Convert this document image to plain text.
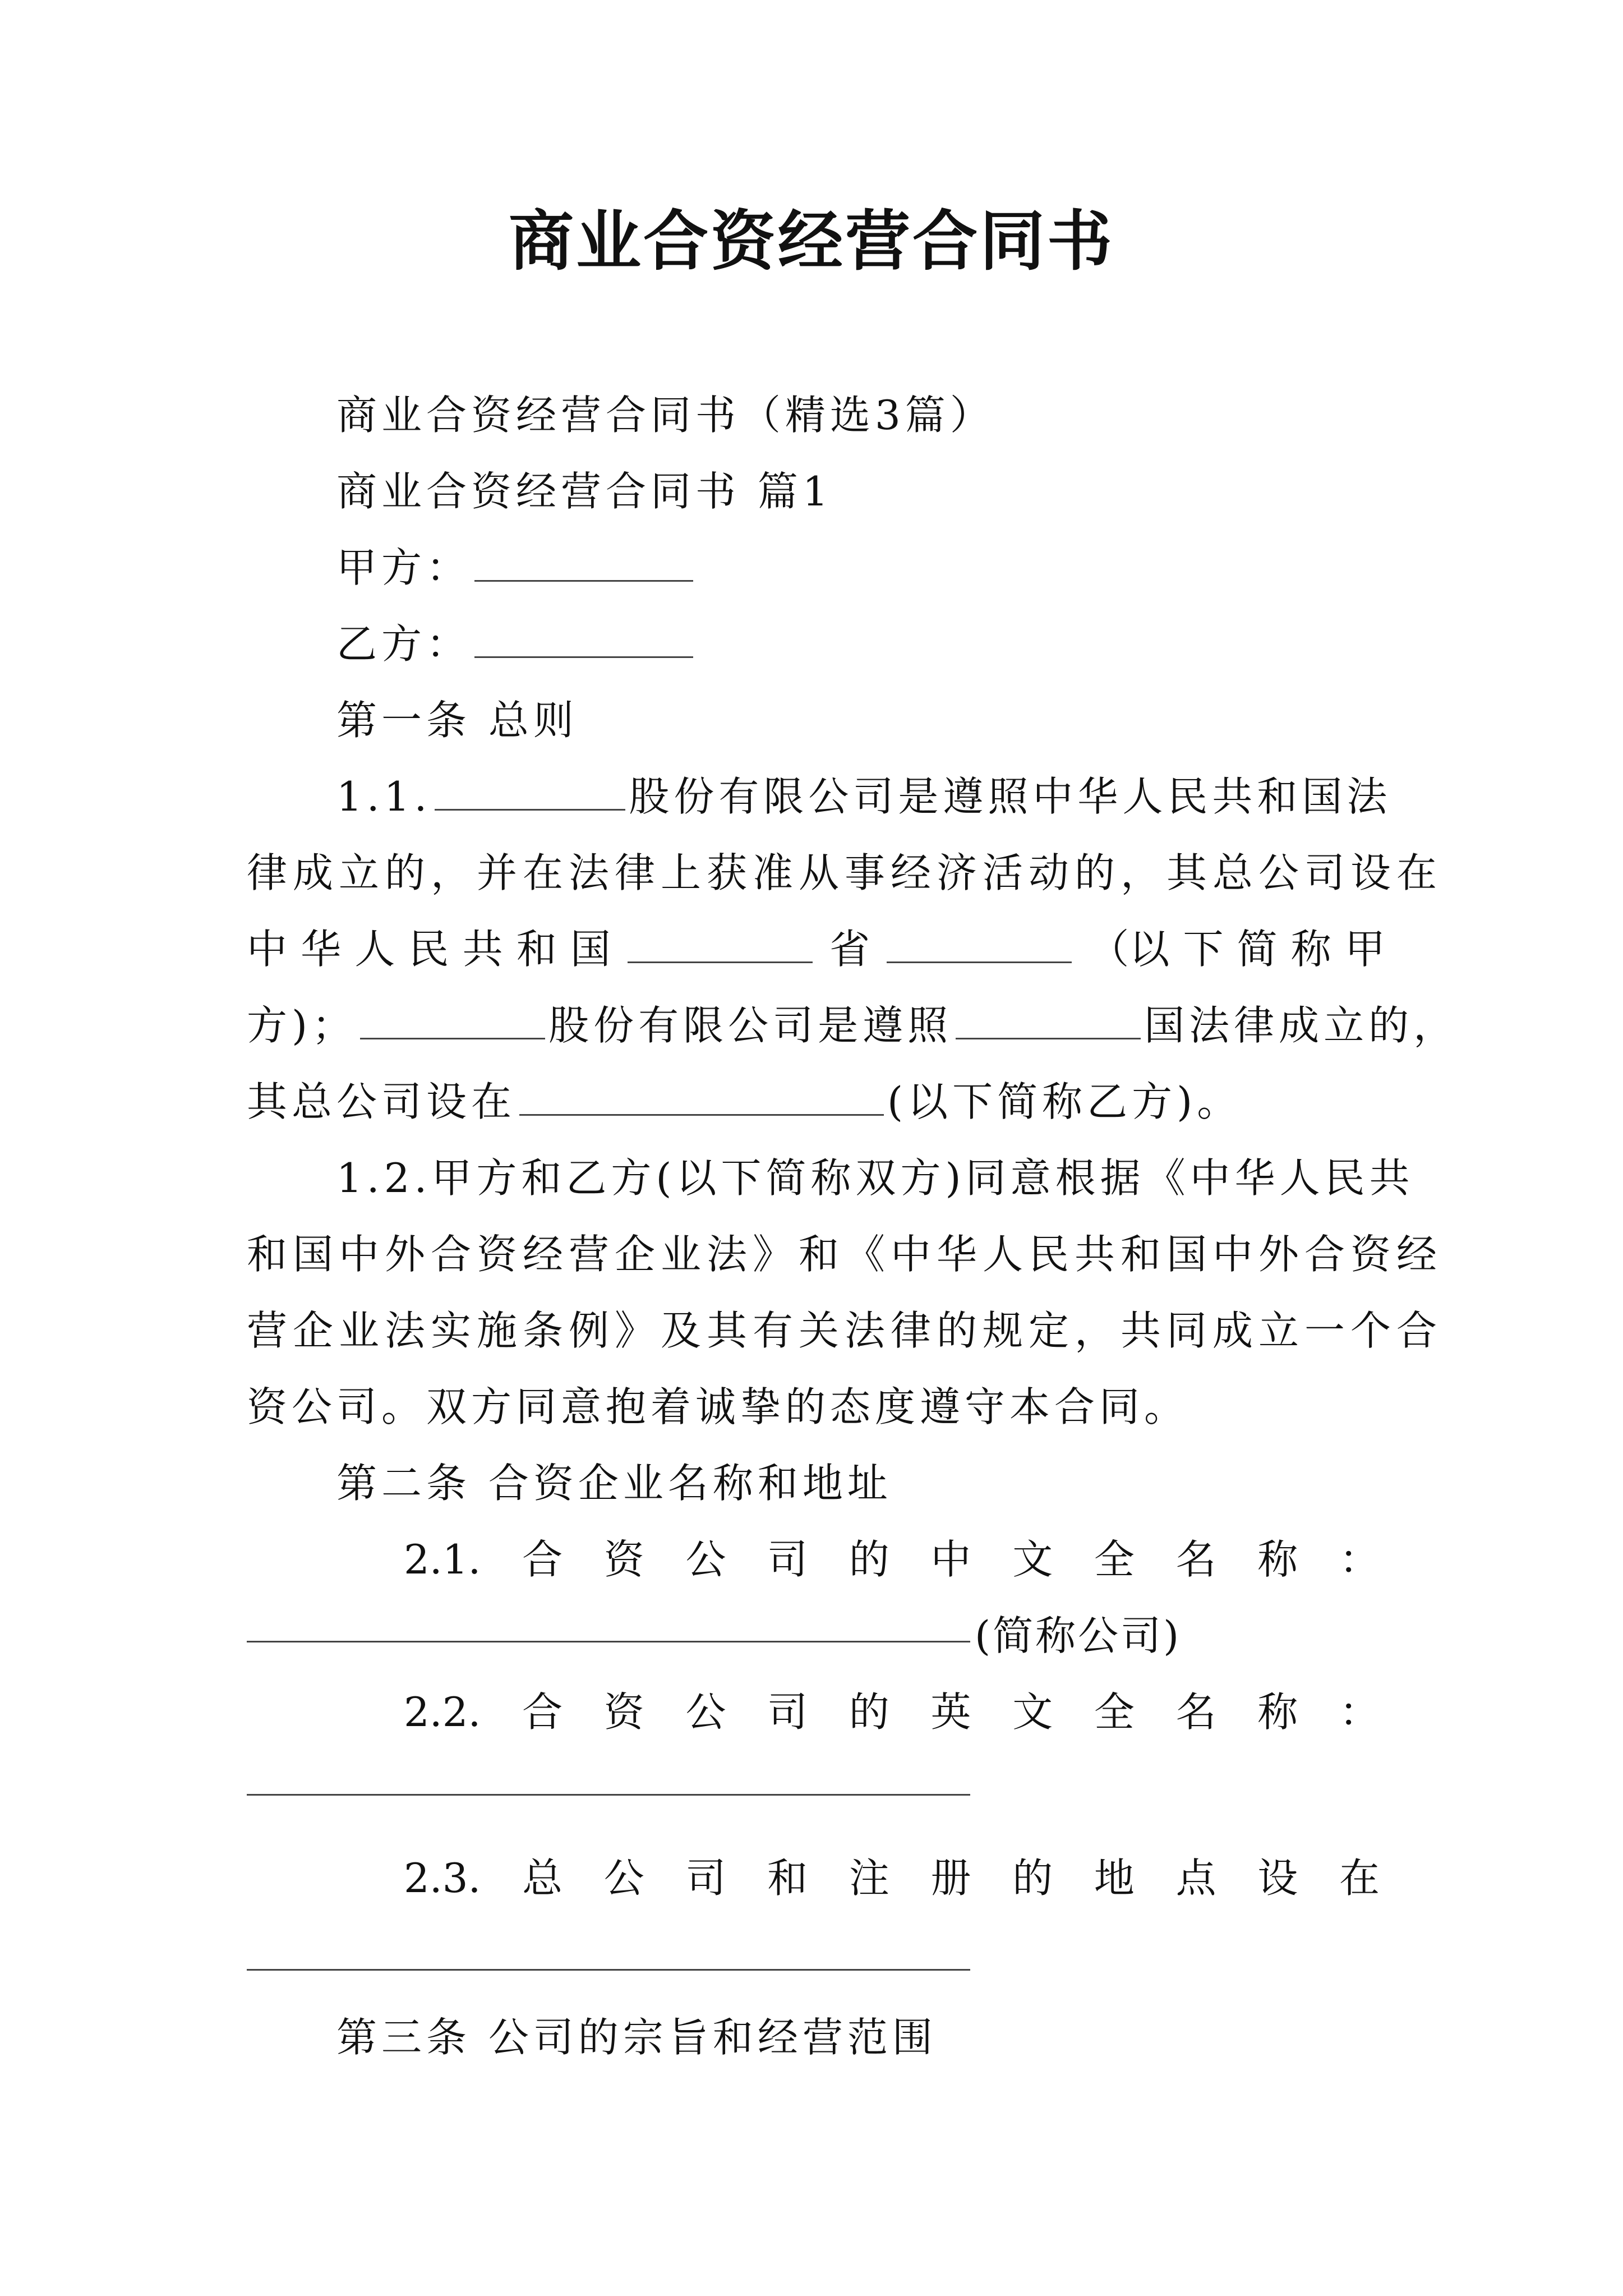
商业合资经营合同书
商业合资经营合同书（精选3篇）
商业合资经营合同书 篇1
甲方：
乙方：
第一条 总则
1.1.	股份有限公司是遵照中华人民共和国法
律成立的，并在法律上获准从事经济活动的，其总公司设在
中 华 人 民 共 和 国	省	（以 下 简 称 甲
方)；	股份有限公司是遵照	国法律成立的，
其总公司设在	(以下简称乙方)。
1.2.甲方和乙方(以下简称双方)同意根据《中华人民共
和国中外合资经营企业法》和《中华人民共和国中外合资经
营企业法实施条例》及其有关法律的规定，共同成立一个合
资公司。双方同意抱着诚挚的态度遵守本合同。
第二条 合资企业名称和地址
2.1. 合 资 公 司 的 中 文 全 名 称 ：
(简称公司)
2.2. 合 资 公 司 的 英 文 全 名 称 ：
2.3. 总 公 司 和 注 册 的 地 点 设 在
第三条 公司的宗旨和经营范围
